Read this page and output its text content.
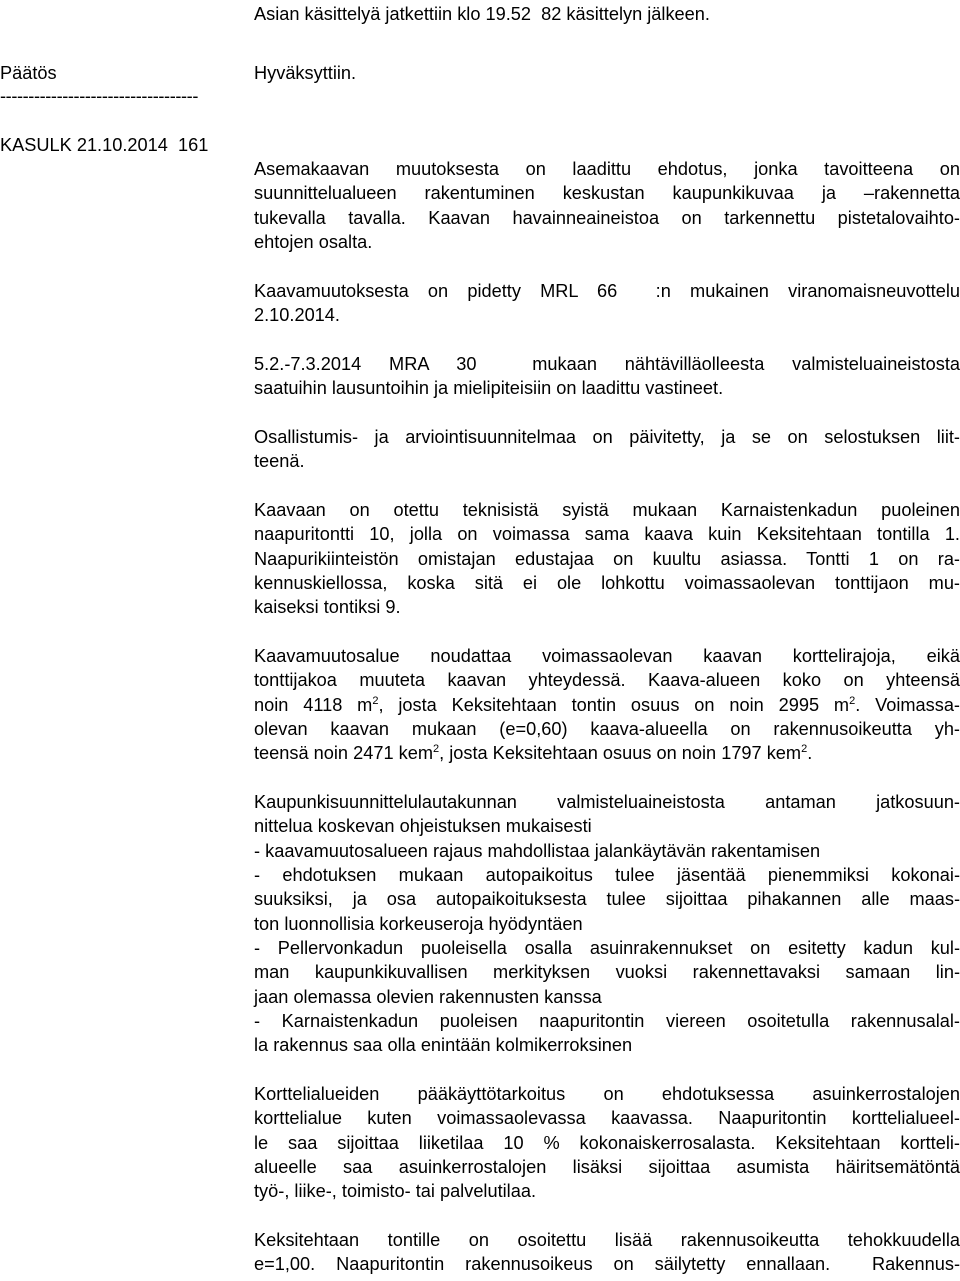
Asian käsittelyä jatkettiin klo 19.52  82 käsittelyn jälkeen.
Päätös	Hyväksyttiin.
-----------------------------------
KASULK 21.10.2014  161
Asemakaavan muutoksesta on laadittu ehdotus, jonka tavoitteena on
suunnittelualueen rakentuminen keskustan kaupunkikuvaa ja –rakennetta
tukevalla tavalla. Kaavan havainneaineistoa on tarkennettu pistetalovaihto-
ehtojen osalta.
Kaavamuutoksesta on pidetty MRL 66  :n mukainen viranomaisneuvottelu
2.10.2014.
5.2.-7.3.2014 MRA 30  mukaan nähtävilläolleesta valmisteluaineistosta
saatuihin lausuntoihin ja mielipiteisiin on laadittu vastineet.
Osallistumis- ja arviointisuunnitelmaa on päivitetty, ja se on selostuksen liit-
teenä.
Kaavaan on otettu teknisistä syistä mukaan Karnaistenkadun puoleinen
naapuritontti 10, jolla on voimassa sama kaava kuin Keksitehtaan tontilla 1.
Naapurikiinteistön omistajan edustajaa on kuultu asiassa. Tontti 1 on ra-
kennuskiellossa, koska sitä ei ole lohkottu voimassaolevan tonttijaon mu-
kaiseksi tontiksi 9.
Kaavamuutosalue noudattaa voimassaolevan kaavan korttelirajoja, eikä
tonttijakoa muuteta kaavan yhteydessä. Kaava-alueen koko on yhteensä
noin 4118 $m^2$, josta Keksitehtaan tontin osuus on noin 2995 $m^2$. Voimassa-
olevan kaavan mukaan (e=0,60) kaava-alueella on rakennusoikeutta yh-
teensä noin 2471 kem$^2$, josta Keksitehtaan osuus on noin 1797 kem$^2$.
Kaupunkisuunnittelulautakunnan valmisteluaineistosta antaman jatkosuun-
nittelua koskevan ohjeistuksen mukaisesti
- kaavamuutosalueen rajaus mahdollistaa jalankäytävän rakentamisen
- ehdotuksen mukaan autopaikoitus tulee jäsentää pienemmiksi kokonai-
suuksiksi, ja osa autopaikoituksesta tulee sijoittaa pihakannen alle maas-
ton luonnollisia korkeuseroja hyödyntäen
- Pellervonkadun puoleisella osalla asuinrakennukset on esitetty kadun kul-
man kaupunkikuvallisen merkityksen vuoksi rakennettavaksi samaan lin-
jaan olemassa olevien rakennusten kanssa
- Karnaistenkadun puoleisen naapuritontin viereen osoitetulla rakennusalal-
la rakennus saa olla enintään kolmikerroksinen
Korttelialueiden pääkäyttötarkoitus on ehdotuksessa asuinkerrostalojen
korttelialue kuten voimassaolevassa kaavassa. Naapuritontin korttelialueel-
le saa sijoittaa liiketilaa 10 % kokonaiskerrosalasta. Keksitehtaan kortteli-
alueelle saa asuinkerrostalojen lisäksi sijoittaa asumista häiritsemätöntä
työ-, liike-, toimisto- tai palvelutilaa.
Keksitehtaan tontille on osoitettu lisää rakennusoikeutta tehokkuudella
e=1,00. Naapuritontin rakennusoikeus on säilytetty ennallaan.  Rakennus-
